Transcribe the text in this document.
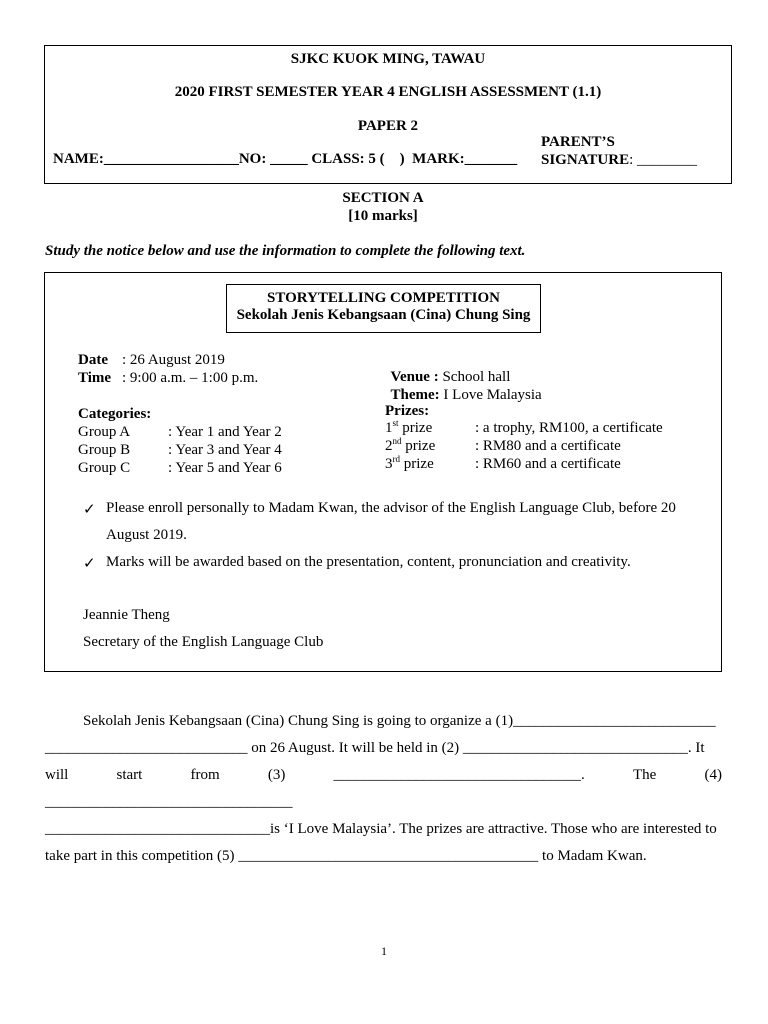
SJKC KUOK MING, TAWAU
2020 FIRST SEMESTER YEAR 4 ENGLISH ASSESSMENT (1.1)
PAPER 2
NAME:__________________NO: _____ CLASS: 5 (    )  MARK:_______
PARENT’S
SIGNATURE: ________
SECTION A
[10 marks]
Study the notice below and use the information to complete the following text.
STORYTELLING COMPETITION
Sekolah Jenis Kebangsaan (Cina) Chung Sing
Date : 26 August 2019
Time : 9:00 a.m. – 1:00 p.m.	Venue : School hall

Theme: I Love Malaysia

Categories:
Group A	: Year 1 and Year 2
Group B	: Year 3 and Year 4
Group C	: Year 5 and Year 6
Prizes:
1st prize	: a trophy, RM100, a certificate
2nd prize	: RM80 and a certificate
3rd prize	: RM60 and a certificate
✓ Please enroll personally to Madam Kwan, the advisor of the English Language Club, before 20
August 2019.
✓ Marks will be awarded based on the presentation, content, pronunciation and creativity.
Jeannie Theng
Secretary of the English Language Club
Sekolah Jenis Kebangsaan (Cina) Chung Sing is going to organize a (1)___________________________
___________________________ on 26 August. It will be held in (2) ______________________________. It
will	start	from	(3)	_________________________________.	The	(4)
_________________________________
______________________________is ‘I Love Malaysia’. The prizes are attractive. Those who are interested to
take part in this competition (5) ________________________________________ to Madam Kwan.
1
